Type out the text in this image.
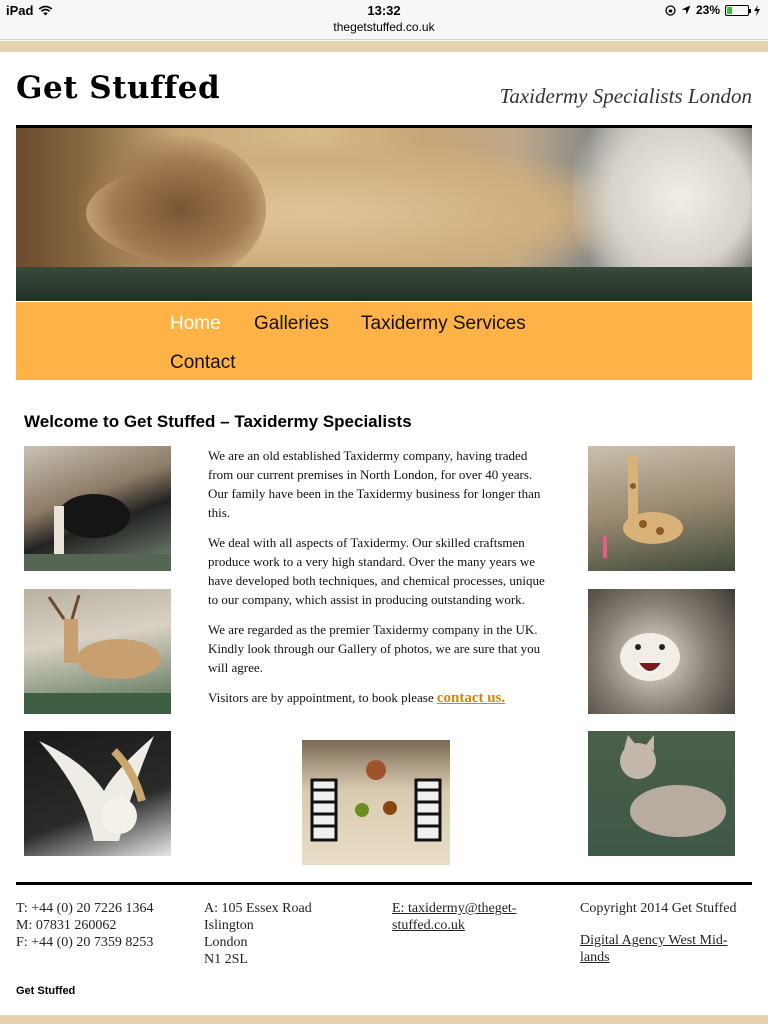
iPad	13:32
thegetstuffed.co.uk
23%
Get Stuffed	Taxidermy Specialists London
Home Galleries Taxidermy Services
Contact
Welcome to Get Stuffed – Taxidermy Specialists

We are an old established Taxidermy company, having traded from our current premises in North London, for over 40 years. Our family have been in the Taxidermy business for longer than this.

We deal with all aspects of Taxidermy. Our skilled craftsmen produce work to a very high standard. Over the many years we have developed both techniques, and chemical processes, unique to our company, which assist in producing outstanding work.

We are regarded as the premier Taxidermy company in the UK. Kindly look through our Gallery of photos, we are sure that you will agree.

Visitors are by appointment, to book please contact us.

T: +44 (0) 20 7226 1364
M: 07831 260062
F: +44 (0) 20 7359 8253
A: 105 Essex Road
Islington
London
N1 2SL
E: taxidermy@theget-stuffed.co.uk
Copyright 2014 Get Stuffed
Digital Agency West Mid-lands
Get Stuffed
